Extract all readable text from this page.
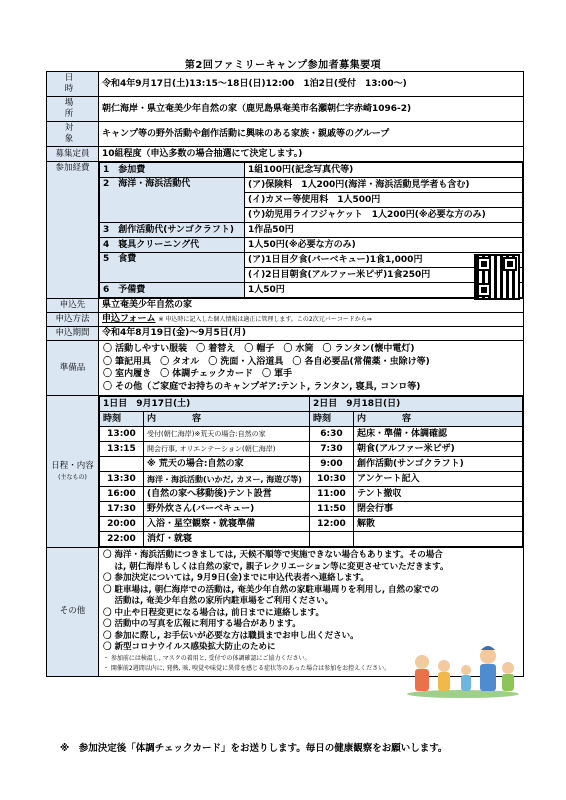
第2回ファミリーキャンプ参加者募集要項
日　時	令和4年9月17日(土)13:15～18日(日)12:00　1泊2日(受付　13:00～)
場　所	朝仁海岸・県立奄美少年自然の家（鹿児島県奄美市名瀬朝仁字赤崎1096-2)
対　象	キャンプ等の野外活動や創作活動に興味のある家族・親戚等のグループ
募集定員	10組程度（申込多数の場合抽選にて決定します。)
参加経費	1　参加費	1組100円(記念写真代等)
2　海洋・海浜活動代	(ア)保険料　1人200円(海洋・海浜活動見学者も含む)
(イ)カヌー等使用料　1人500円
(ウ)幼児用ライフジャケット　1人200円(※必要な方のみ)
3　創作活動代(サンゴクラフト)	1作品50円
4　寝具クリーニング代	1人50円(※必要な方のみ)
5　食費	(ア)1日目夕食(バーベキュー)1食1,000円
(イ)2日目朝食(アルファー米ピザ)1食250円
6　予備費	1人50円

申込先	県立奄美少年自然の家

申込方法	申込フォーム ※ 申込時に記入した個人情報は適正に管理します。この2次元バーコードから⇒
申込期間	令和4年8月19日(金)～9月5日(月)
準備品	
〇 活動しやすい服装　〇 着替え　〇 帽子　〇 水筒　〇 ランタン(懐中電灯)
〇 筆記用具　〇 タオル　〇 洗面・入浴道具　〇 各自必要品(常備薬・虫除け等)
〇 室内履き　〇 体調チェックカード　〇 軍手
〇 その他（ご家庭でお持ちのキャンプギア:テント, ランタン, 寝具, コンロ等)

日程・内容
(主なもの)

1日目　9月17日(土)	2日目　9月18日(日)
時刻	内　　　　容	時刻	内　　　　容
13:00	受付(朝仁海岸)※荒天の場合:自然の家	6:30	起床・準備・体調確認
13:15	開会行事, オリエンテーション(朝仁海岸)	7:30	朝食(アルファー米ピザ)
	※ 荒天の場合:自然の家	9:00	創作活動(サンゴクラフト)
13:30	海洋・海浜活動(いかだ, カヌー, 海遊び等)	10:30	アンケート記入
16:00	(自然の家へ移動後)テント設営	11:00	テント撤収
17:30	野外炊さん(バーベキュー)	11:50	閉会行事
20:00	入浴・星空観察・就寝準備	12:00	解散
22:00	消灯・就寝		

その他	
〇 海洋・海浜活動につきましては, 天候不順等で実施できない場合もあります。その場合
　 は, 朝仁海岸もしくは自然の家で, 親子レクリエーション等に変更させていただきます。
〇 参加決定については, 9月9日(金)までに申込代表者へ連絡します。
〇 駐車場は, 朝仁海岸での活動は, 奄美少年自然の家駐車場周りを利用し, 自然の家での
　 活動は, 奄美少年自然の家所内駐車場をご利用ください。
〇 中止や日程変更になる場合は, 前日までに連絡します。
〇 活動中の写真を広報に利用する場合があります。
〇 参加に際し, お手伝いが必要な方は職員までお申し出ください。
〇 新型コロナウイルス感染拡大防止のために
・ 参加前には検温し, マスクの着用と, 受付での体調確認にご協力ください。
・ 開催前2週間以内に, 発熱, 咳, 嗅覚や味覚に異常を感じる症状等のあった場合は参加をお控えください。
※　参加決定後「体調チェックカード」をお送りします。毎日の健康観察をお願いします。
